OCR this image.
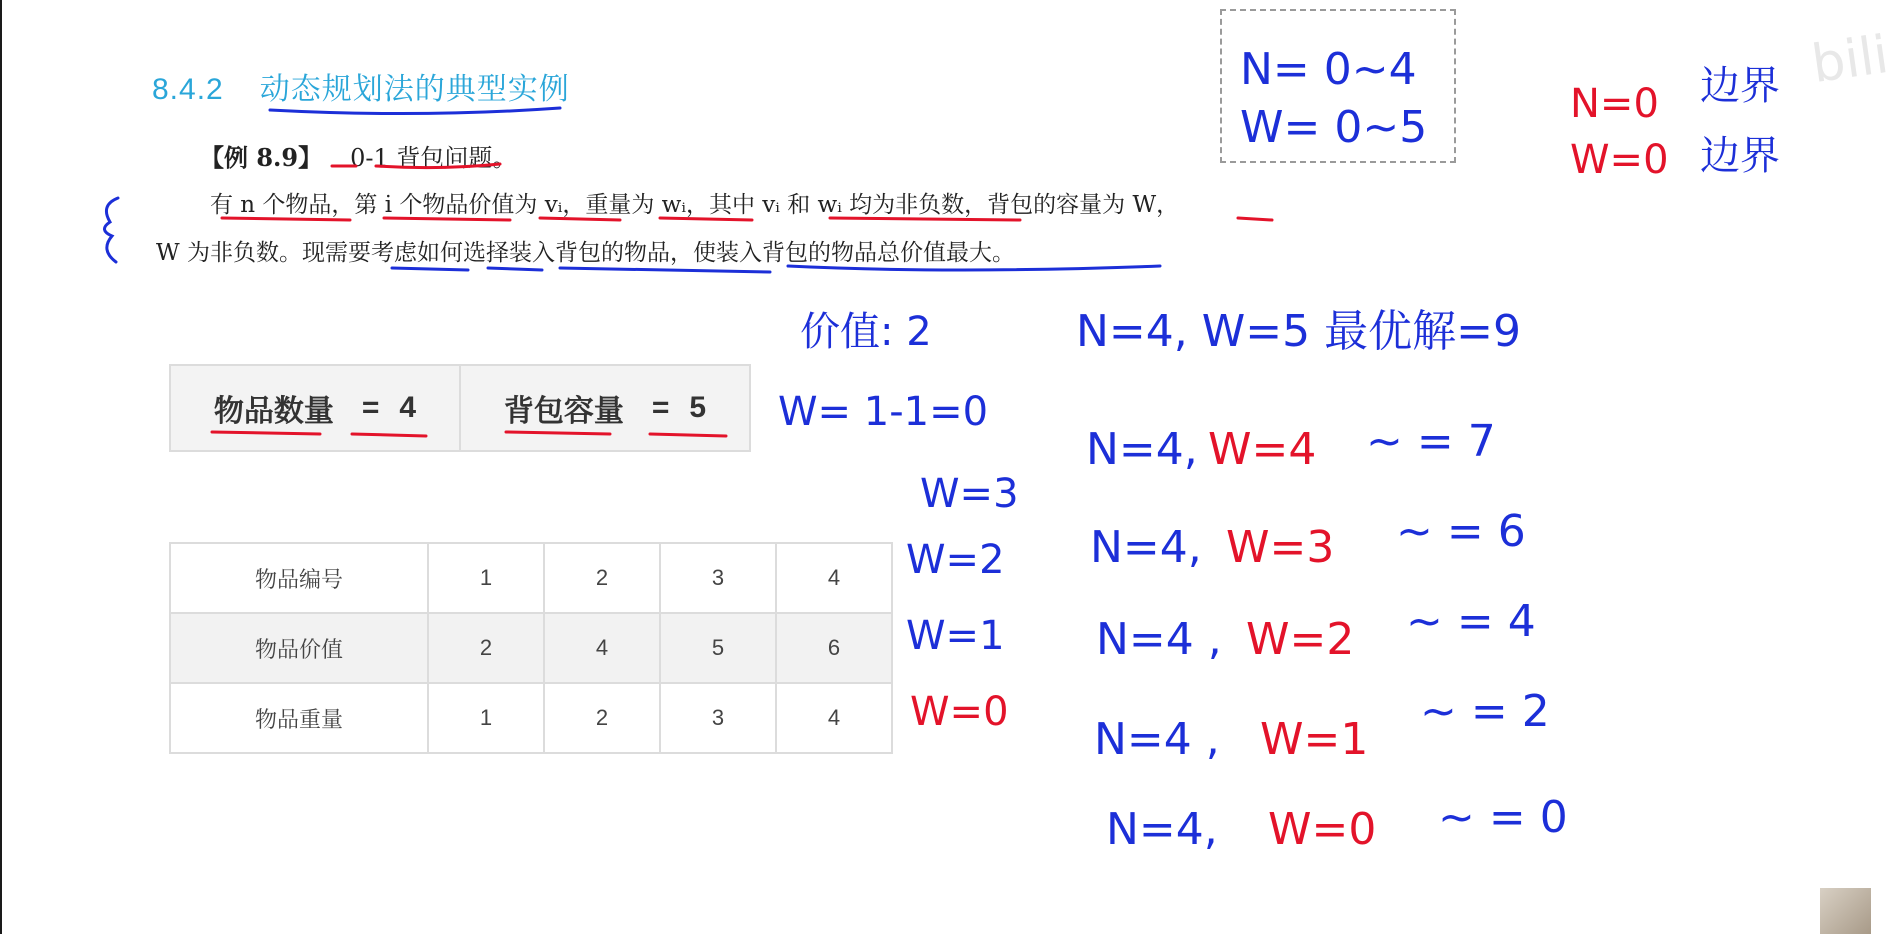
bili
8.4.2 动态规划法的典型实例
【例 8.9】 0-1 背包问题。
有 n 个物品，第 i 个物品价值为 vᵢ，重量为 wᵢ，其中 vᵢ 和 wᵢ 均为非负数，背包的容量为 W，
W 为非负数。现需要考虑如何选择装入背包的物品，使装入背包的物品总价值最大。
物品数量 = 4	背包容量 = 5
物品编号	1	2	3	4
物品价值	2	4	5	6
物品重量	1	2	3	4
N= 0~4
W= 0~5	N=0
W=0
边界
边界
价值: 2
W= 1-1=0
W=3
W=2
W=1
W=0
N=4, W=5 最优解=9
N=4, W=4 ~ = 7
N=4, W=3 ~ = 6
N=4 , W=2 ~ = 4
N=4 , W=1
~ = 2
N=4, W=0 ~ = 0
